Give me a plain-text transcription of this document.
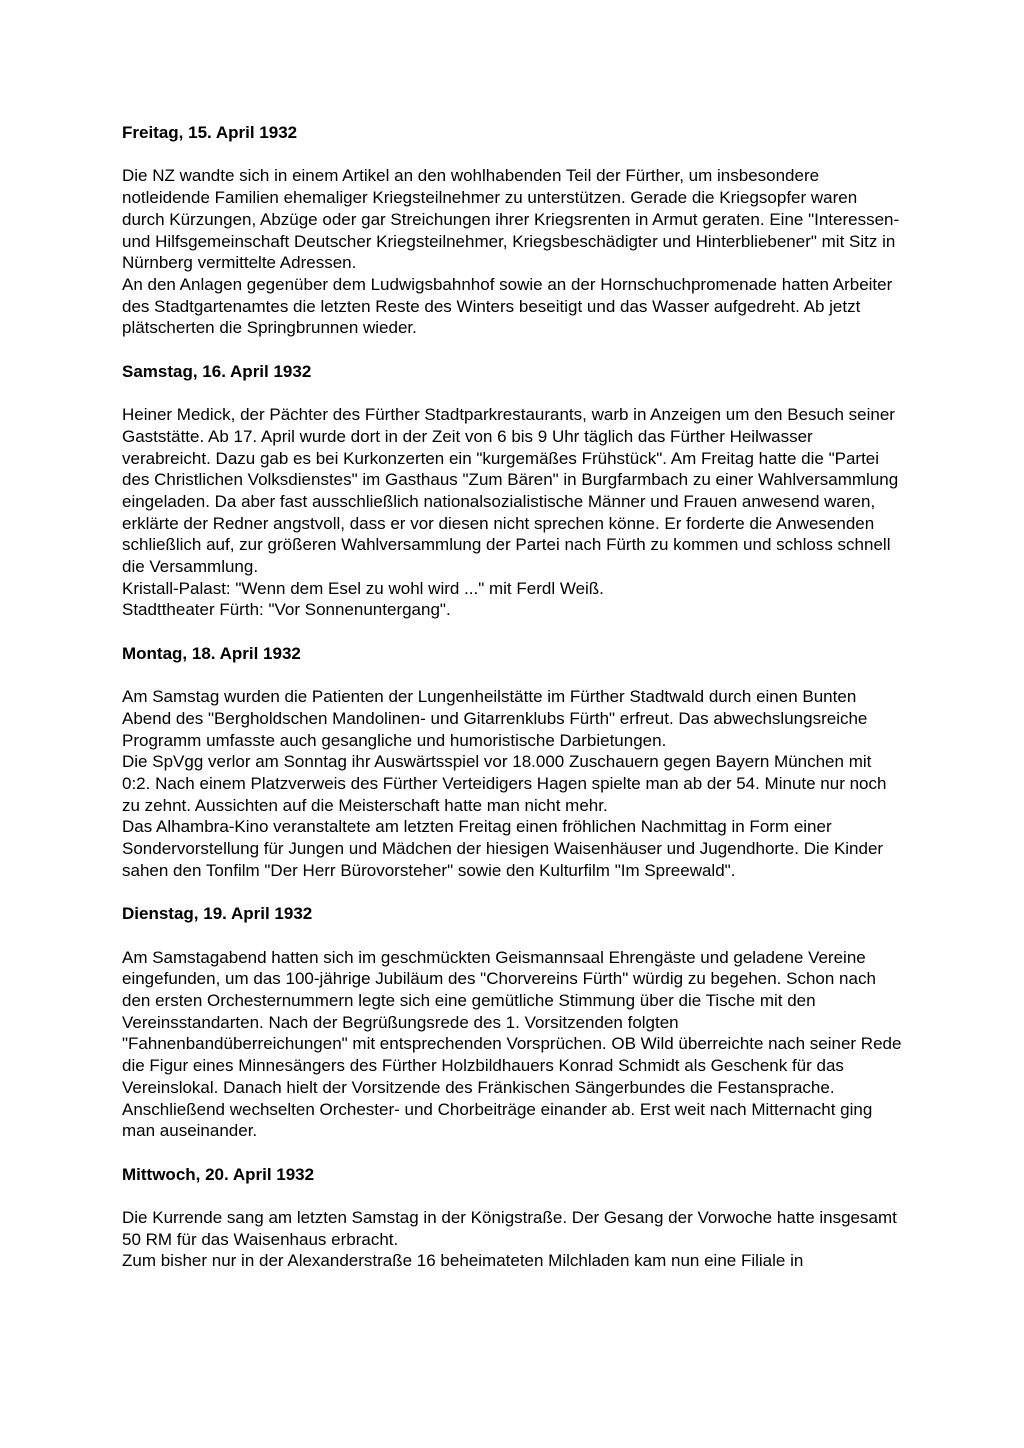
Freitag, 15. April 1932

Die NZ wandte sich in einem Artikel an den wohlhabenden Teil der Fürther, um insbesondere notleidende Familien ehemaliger Kriegsteilnehmer zu unterstützen. Gerade die Kriegsopfer waren durch Kürzungen, Abzüge oder gar Streichungen ihrer Kriegsrenten in Armut geraten. Eine "Interessen- und Hilfsgemeinschaft Deutscher Kriegsteilnehmer, Kriegsbeschädigter und Hinterbliebener" mit Sitz in Nürnberg vermittelte Adressen.

An den Anlagen gegenüber dem Ludwigsbahnhof sowie an der Hornschuchpromenade hatten Arbeiter des Stadtgartenamtes die letzten Reste des Winters beseitigt und das Wasser aufgedreht. Ab jetzt plätscherten die Springbrunnen wieder.

Samstag, 16. April 1932

Heiner Medick, der Pächter des Fürther Stadtparkrestaurants, warb in Anzeigen um den Besuch seiner Gaststätte. Ab 17. April wurde dort in der Zeit von 6 bis 9 Uhr täglich das Fürther Heilwasser verabreicht. Dazu gab es bei Kurkonzerten ein "kurgemäßes Frühstück". Am Freitag hatte die "Partei des Christlichen Volksdienstes" im Gasthaus "Zum Bären" in Burgfarmbach zu einer Wahlversammlung eingeladen. Da aber fast ausschließlich nationalsozialistische Männer und Frauen anwesend waren, erklärte der Redner angstvoll, dass er vor diesen nicht sprechen könne. Er forderte die Anwesenden schließlich auf, zur größeren Wahlversammlung der Partei nach Fürth zu kommen und schloss schnell die Versammlung.

Kristall-Palast: "Wenn dem Esel zu wohl wird ..." mit Ferdl Weiß.

Stadttheater Fürth: "Vor Sonnenuntergang".

Montag, 18. April 1932

Am Samstag wurden die Patienten der Lungenheilstätte im Fürther Stadtwald durch einen Bunten Abend des "Bergholdschen Mandolinen- und Gitarrenklubs Fürth" erfreut. Das abwechslungsreiche Programm umfasste auch gesangliche und humoristische Darbietungen.

Die SpVgg verlor am Sonntag ihr Auswärtsspiel vor 18.000 Zuschauern gegen Bayern München mit 0:2. Nach einem Platzverweis des Fürther Verteidigers Hagen spielte man ab der 54. Minute nur noch zu zehnt. Aussichten auf die Meisterschaft hatte man nicht mehr.

Das Alhambra-Kino veranstaltete am letzten Freitag einen fröhlichen Nachmittag in Form einer Sondervorstellung für Jungen und Mädchen der hiesigen Waisenhäuser und Jugendhorte. Die Kinder sahen den Tonfilm "Der Herr Bürovorsteher" sowie den Kulturfilm "Im Spreewald".

Dienstag, 19. April 1932

Am Samstagabend hatten sich im geschmückten Geismannsaal Ehrengäste und geladene Vereine eingefunden, um das 100-jährige Jubiläum des "Chorvereins Fürth" würdig zu begehen. Schon nach den ersten Orchesternummern legte sich eine gemütliche Stimmung über die Tische mit den Vereinsstandarten. Nach der Begrüßungsrede des 1. Vorsitzenden folgten "Fahnenbandüberreichungen" mit entsprechenden Vorsprüchen. OB Wild überreichte nach seiner Rede die Figur eines Minnesängers des Fürther Holzbildhauers Konrad Schmidt als Geschenk für das Vereinslokal. Danach hielt der Vorsitzende des Fränkischen Sängerbundes die Festansprache. Anschließend wechselten Orchester- und Chorbeiträge einander ab. Erst weit nach Mitternacht ging man auseinander.

Mittwoch, 20. April 1932

Die Kurrende sang am letzten Samstag in der Königstraße. Der Gesang der Vorwoche hatte insgesamt 50 RM für das Waisenhaus erbracht.

Zum bisher nur in der Alexanderstraße 16 beheimateten Milchladen kam nun eine Filiale in
